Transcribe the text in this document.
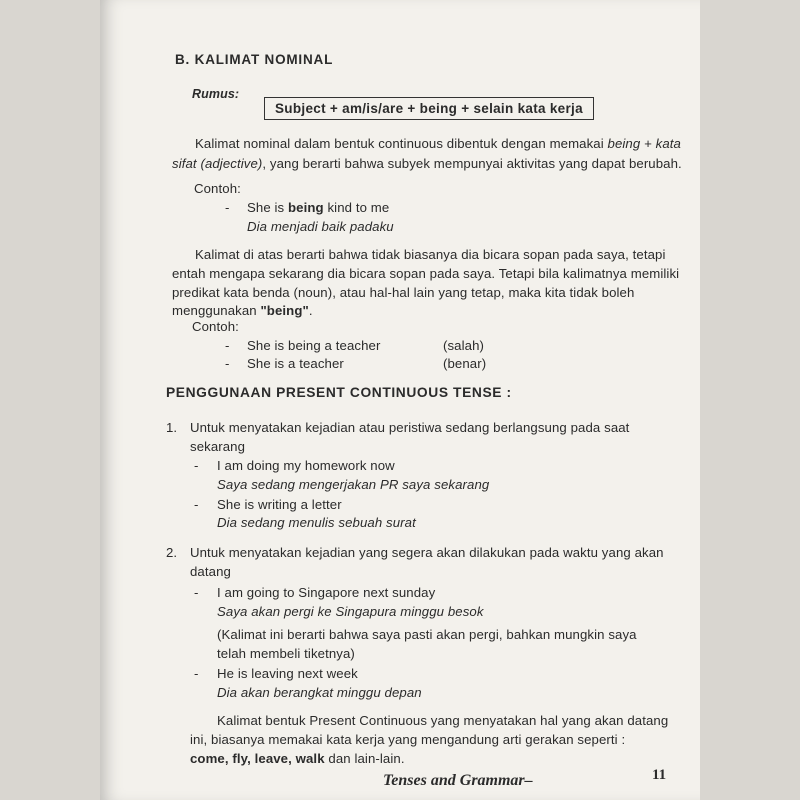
B. KALIMAT NOMINAL
Rumus:
Subject + am/is/are + being + selain kata kerja
Kalimat nominal dalam bentuk continuous dibentuk dengan memakai being + kata
sifat (adjective), yang berarti bahwa subyek mempunyai aktivitas yang dapat berubah.
Contoh:
- She is being kind to me
Dia menjadi baik padaku
Kalimat di atas berarti bahwa tidak biasanya dia bicara sopan pada saya, tetapi
entah mengapa sekarang dia bicara sopan pada saya. Tetapi bila kalimatnya memiliki
predikat kata benda (noun), atau hal-hal lain yang tetap, maka kita tidak boleh
menggunakan "being".
Contoh:
- She is being a teacher	(salah)
- She is a teacher	(benar)
PENGGUNAAN PRESENT CONTINUOUS TENSE :
1. Untuk menyatakan kejadian atau peristiwa sedang berlangsung pada saat
sekarang
- I am doing my homework now
Saya sedang mengerjakan PR saya sekarang
- She is writing a letter
Dia sedang menulis sebuah surat
2. Untuk menyatakan kejadian yang segera akan dilakukan pada waktu yang akan
datang
- I am going to Singapore next sunday
Saya akan pergi ke Singapura minggu besok
(Kalimat ini berarti bahwa saya pasti akan pergi, bahkan mungkin saya
telah membeli tiketnya)
- He is leaving next week
Dia akan berangkat minggu depan
Kalimat bentuk Present Continuous yang menyatakan hal yang akan datang
ini, biasanya memakai kata kerja yang mengandung arti gerakan seperti :
come, fly, leave, walk dan lain-lain.
Tenses and Grammar–	11
